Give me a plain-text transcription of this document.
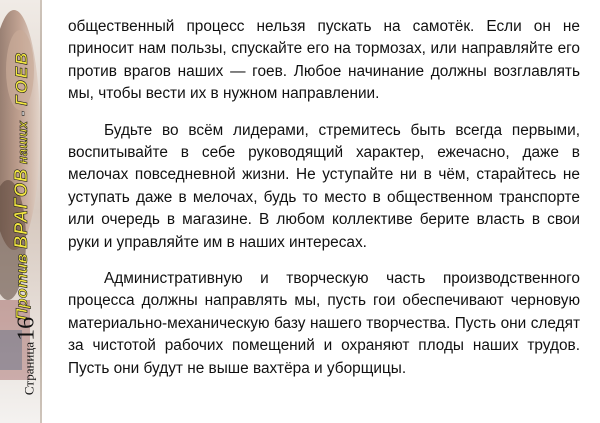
Против ВРАГОВ наших - ГОЕВ
Страница16

общественный процесс нельзя пускать на самотёк. Если он не приносит нам пользы, спускайте его на тормозах, или направляйте его против врагов наших — гоев. Любое начинание должны возглавлять мы, чтобы вести их в нужном направлении.

Будьте во всём лидерами, стремитесь быть всегда первыми, воспитывайте в себе руководящий характер, ежечасно, даже в мелочах повседневной жизни. Не уступайте ни в чём, старайтесь не уступать даже в мелочах, будь то место в общественном транспорте или очередь в магазине. В любом коллективе берите власть в свои руки и управляйте им в наших интересах.

Административную и творческую часть производственного процесса должны направлять мы, пусть гои обеспечивают черновую материально-механическую базу нашего творчества. Пусть они следят за чистотой рабочих помещений и охраняют плоды наших трудов. Пусть они будут не выше вахтёра и уборщицы.
